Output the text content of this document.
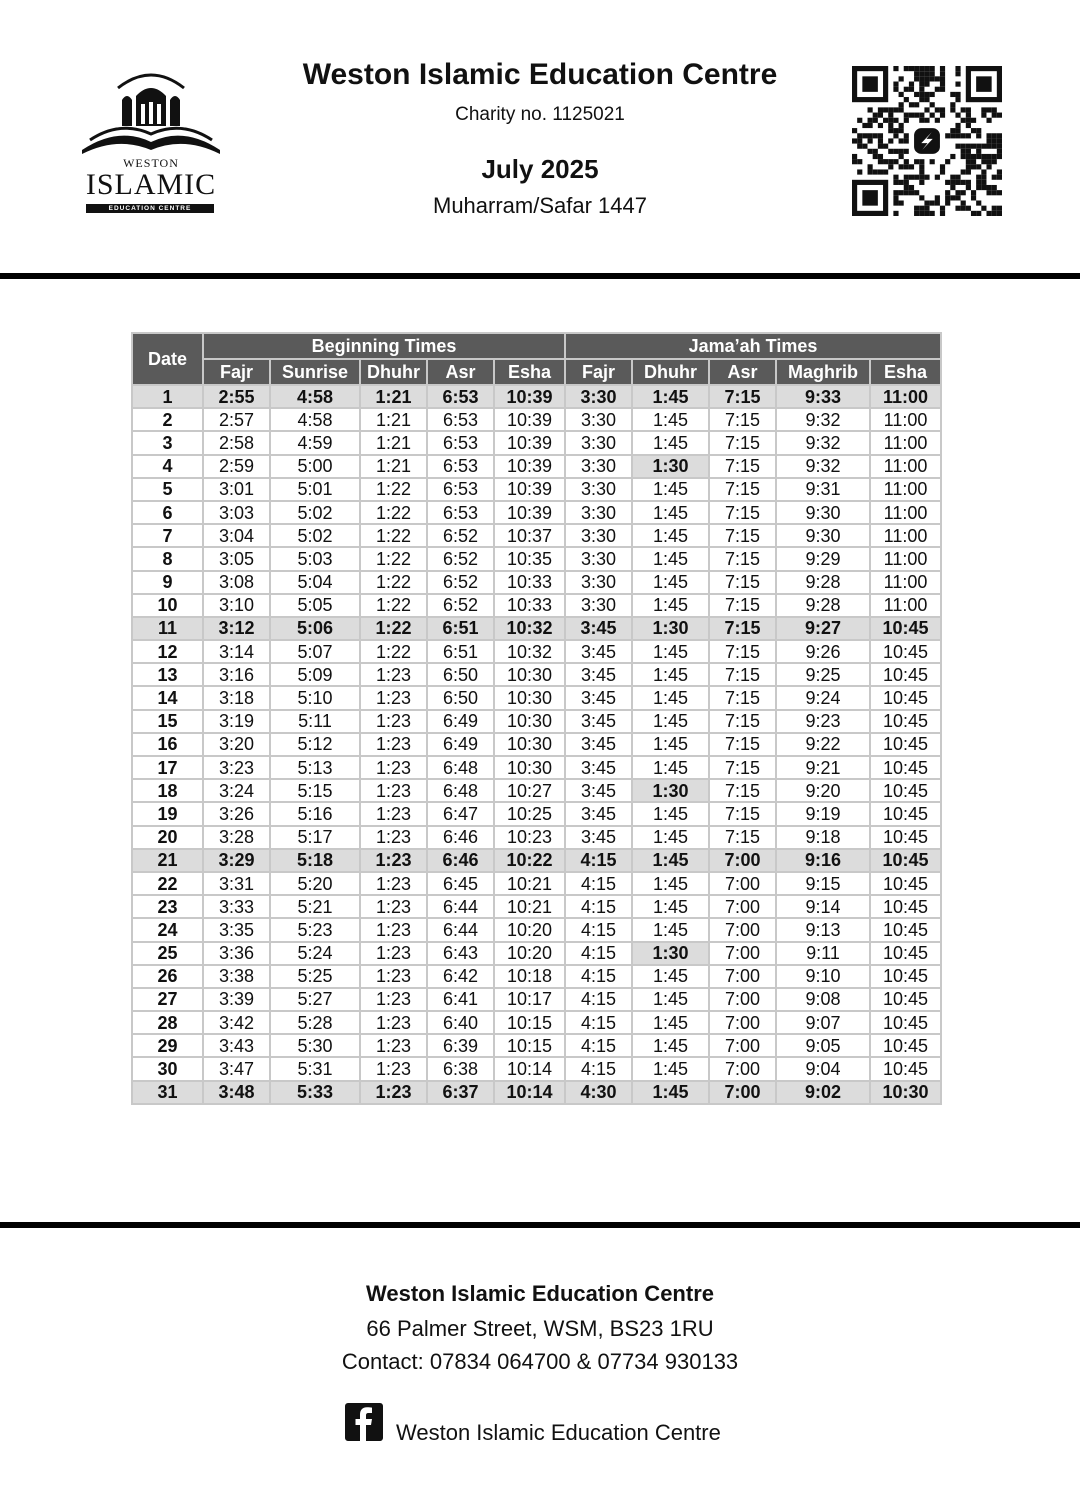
WESTON
ISLAMIC
EDUCATION CENTRE
Weston Islamic Education Centre
Charity no. 1125021
July 2025
Muharram/Safar 1447
Date	Beginning Times					Jama’ah Times				
	Fajr	Sunrise	Dhuhr	Asr	Esha	Fajr	Dhuhr	Asr	Maghrib	Esha
1	2:55	4:58	1:21	6:53	10:39	3:30	1:45	7:15	9:33	11:00
2	2:57	4:58	1:21	6:53	10:39	3:30	1:45	7:15	9:32	11:00
3	2:58	4:59	1:21	6:53	10:39	3:30	1:45	7:15	9:32	11:00
4	2:59	5:00	1:21	6:53	10:39	3:30	1:30	7:15	9:32	11:00
5	3:01	5:01	1:22	6:53	10:39	3:30	1:45	7:15	9:31	11:00
6	3:03	5:02	1:22	6:53	10:39	3:30	1:45	7:15	9:30	11:00
7	3:04	5:02	1:22	6:52	10:37	3:30	1:45	7:15	9:30	11:00
8	3:05	5:03	1:22	6:52	10:35	3:30	1:45	7:15	9:29	11:00
9	3:08	5:04	1:22	6:52	10:33	3:30	1:45	7:15	9:28	11:00
10	3:10	5:05	1:22	6:52	10:33	3:30	1:45	7:15	9:28	11:00
11	3:12	5:06	1:22	6:51	10:32	3:45	1:30	7:15	9:27	10:45
12	3:14	5:07	1:22	6:51	10:32	3:45	1:45	7:15	9:26	10:45
13	3:16	5:09	1:23	6:50	10:30	3:45	1:45	7:15	9:25	10:45
14	3:18	5:10	1:23	6:50	10:30	3:45	1:45	7:15	9:24	10:45
15	3:19	5:11	1:23	6:49	10:30	3:45	1:45	7:15	9:23	10:45
16	3:20	5:12	1:23	6:49	10:30	3:45	1:45	7:15	9:22	10:45
17	3:23	5:13	1:23	6:48	10:30	3:45	1:45	7:15	9:21	10:45
18	3:24	5:15	1:23	6:48	10:27	3:45	1:30	7:15	9:20	10:45
19	3:26	5:16	1:23	6:47	10:25	3:45	1:45	7:15	9:19	10:45
20	3:28	5:17	1:23	6:46	10:23	3:45	1:45	7:15	9:18	10:45
21	3:29	5:18	1:23	6:46	10:22	4:15	1:45	7:00	9:16	10:45
22	3:31	5:20	1:23	6:45	10:21	4:15	1:45	7:00	9:15	10:45
23	3:33	5:21	1:23	6:44	10:21	4:15	1:45	7:00	9:14	10:45
24	3:35	5:23	1:23	6:44	10:20	4:15	1:45	7:00	9:13	10:45
25	3:36	5:24	1:23	6:43	10:20	4:15	1:30	7:00	9:11	10:45
26	3:38	5:25	1:23	6:42	10:18	4:15	1:45	7:00	9:10	10:45
27	3:39	5:27	1:23	6:41	10:17	4:15	1:45	7:00	9:08	10:45
28	3:42	5:28	1:23	6:40	10:15	4:15	1:45	7:00	9:07	10:45
29	3:43	5:30	1:23	6:39	10:15	4:15	1:45	7:00	9:05	10:45
30	3:47	5:31	1:23	6:38	10:14	4:15	1:45	7:00	9:04	10:45
31	3:48	5:33	1:23	6:37	10:14	4:30	1:45	7:00	9:02	10:30
Weston Islamic Education Centre
66 Palmer Street, WSM, BS23 1RU
Contact: 07834 064700 & 07734 930133
Weston Islamic Education Centre
